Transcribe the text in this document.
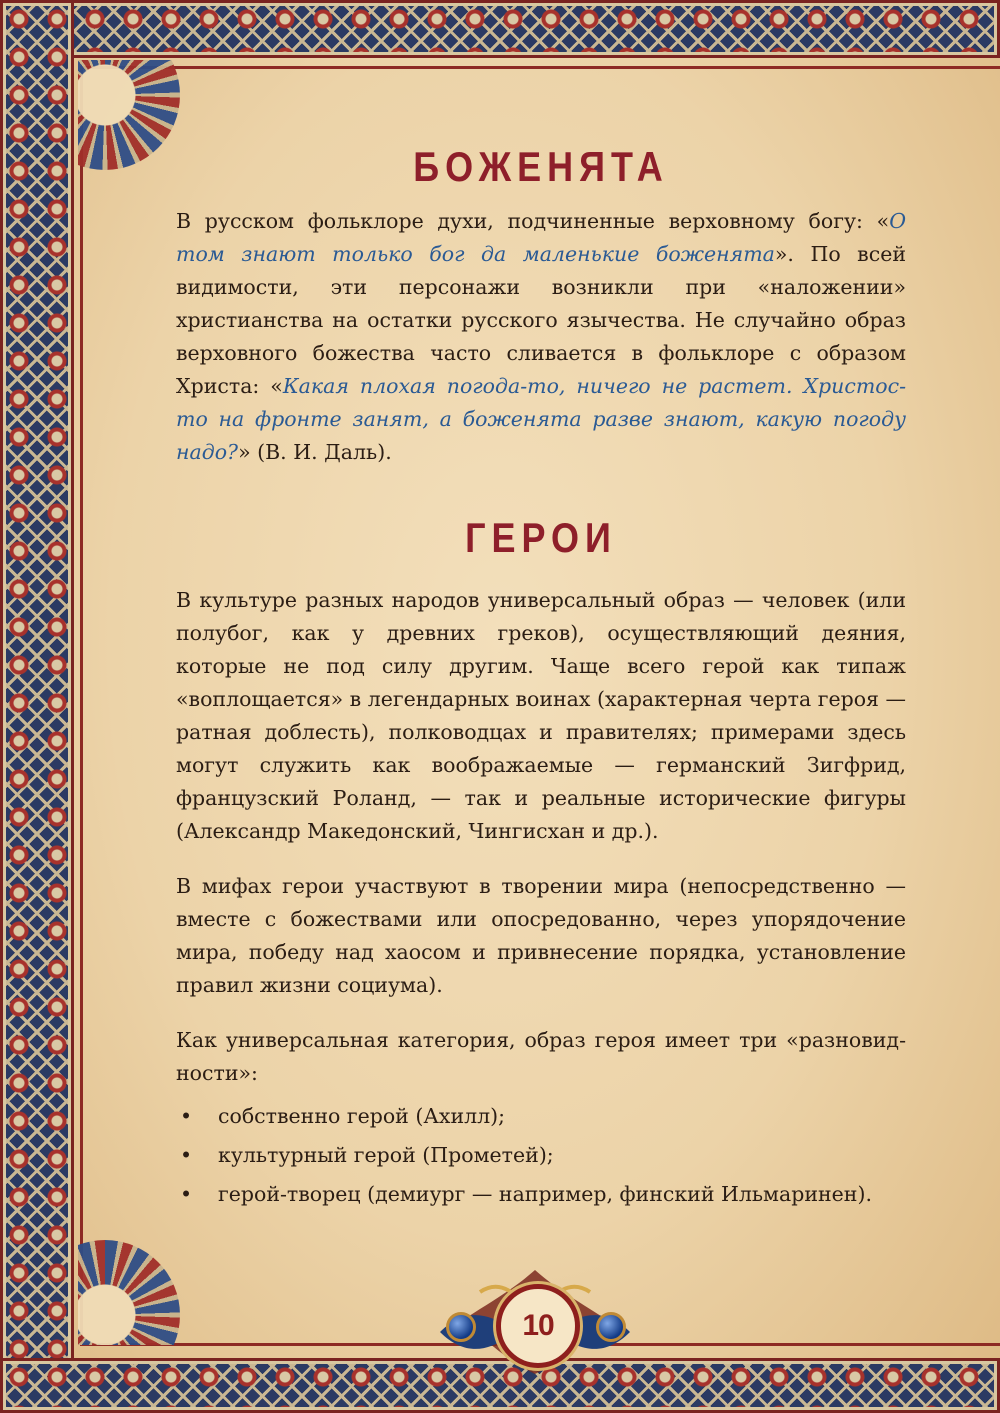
10
БОЖЕНЯТА

В русском фольклоре духи, подчиненные верховному богу: «О том знают только бог да маленькие боженята». По всей видимости, эти персонажи возникли при «наложении» христианства на остатки русского язычества. Не случайно образ верховного божества часто сливается в фольклоре с образом Христа: «Какая плохая погода-то, ничего не растет. Христос-то на фронте занят, а боженята разве знают, какую погоду надо?» (В. И. Даль).

ГЕРОИ

В культуре разных народов универсальный образ — человек (или полубог, как у древних греков), осуществляющий деяния, которые не под силу другим. Чаще всего герой как типаж «воплощается» в легендарных воинах (характерная черта героя — ратная доблесть), полководцах и правителях; примерами здесь могут служить как воображаемые — германский Зигфрид, французский Роланд, — так и реальные исторические фигуры (Александр Македонский, Чингисхан и др.).

В мифах герои участвуют в творении мира (непосредственно — вместе с божествами или опосредованно, через упорядочение мира, победу над хаосом и привнесение порядка, установление правил жизни социума).

Как универсальная категория, образ героя имеет три «разновидности»:

• собственно герой (Ахилл);
• культурный герой (Прометей);
• герой-творец (демиург — например, финский Ильмаринен).
